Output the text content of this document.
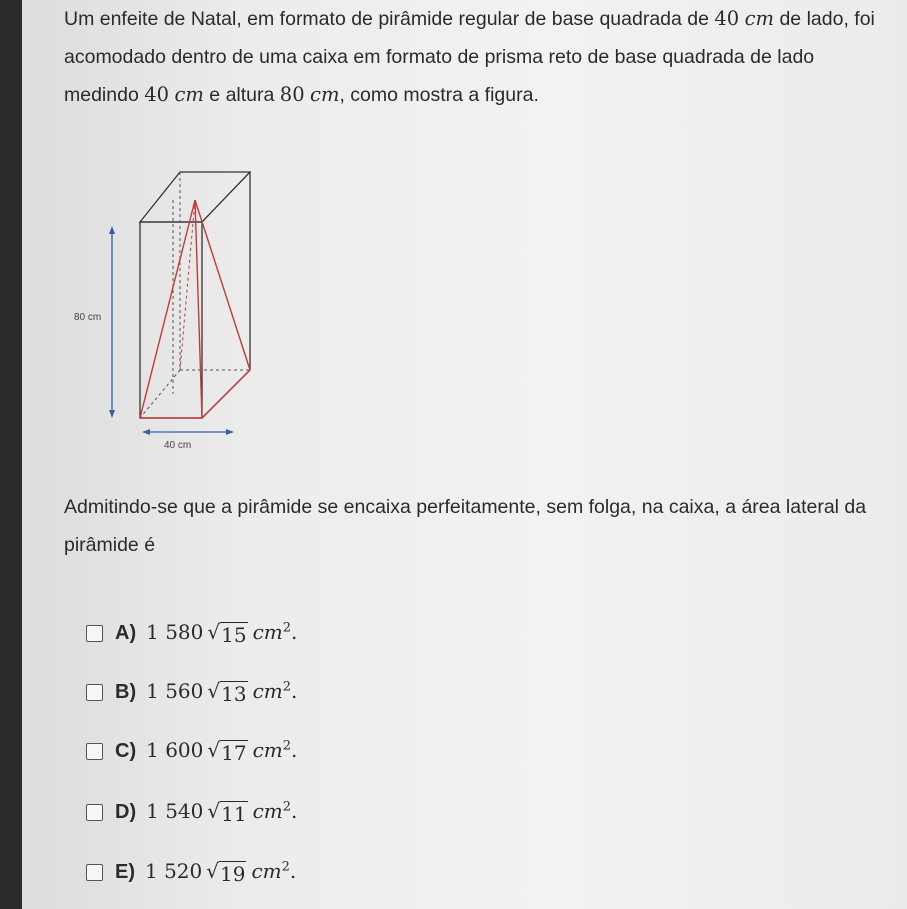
Um enfeite de Natal, em formato de pirâmide regular de base quadrada de 40 cm de lado, foi acomodado dentro de uma caixa em formato de prisma reto de base quadrada de lado medindo 40 cm e altura 80 cm, como mostra a figura.

80 cm
40 cm

Admitindo-se que a pirâmide se encaixa perfeitamente, sem folga, na caixa, a área lateral da pirâmide é

A) 1 580 √ 15 $cm^2$.
B) 1 560 √ 13 $cm^2$.
C) 1 600 √ 17 $cm^2$.
D) 1 540 √ 11 $cm^2$.
E) 1 520 √ 19 $cm^2$.
